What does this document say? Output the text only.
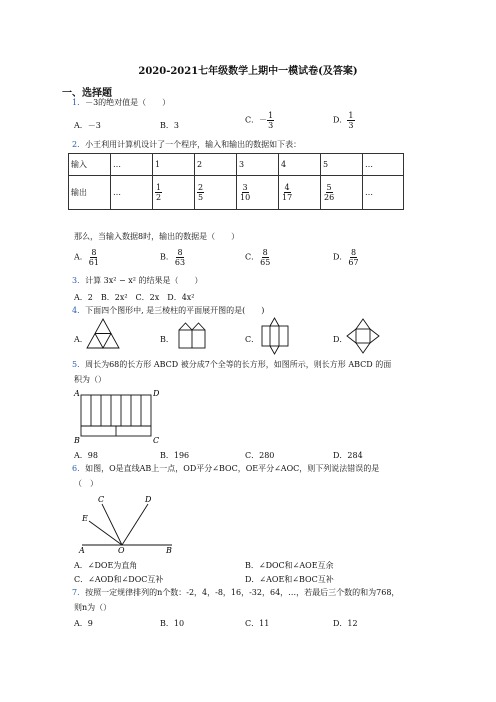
2020-2021七年级数学上期中一模试卷(及答案)
一、选择题
1．－3的绝对值是（　　）
A．－3	B．3
C．－ $\frac{1}{3}$	D． $\frac{1}{3}$
2．小王利用计算机设计了一个程序，输入和输出的数据如下表：
输入	…	1	2	3	4	5	…
输出	…	$\frac{1}{2}$	$\frac{2}{5}$	$\frac{3}{10}$	$\frac{4}{17}$	$\frac{5}{26}$	…
那么，当输入数据8时，输出的数据是（　　）
A． $\frac{8}{61}$	B． $\frac{8}{63}$	C． $\frac{8}{65}$	D． $\frac{8}{67}$
3．计算 3x² − x² 的结果是（　　）
A．2　B．2x²　C．2x　D．4x²
4．下面四个图形中, 是三棱柱的平面展开图的是(　　)
A．	B．	C．	D．
5．周长为68的长方形 ABCD 被分成7个全等的长方形，如图所示，则长方形 ABCD 的面
积为（）
A	D
B	C
A．98	B．196	C．280	D．284
6．如图，O是直线AB上一点，OD平分∠BOC，OE平分∠AOC，则下列说法错误的是
（　）
C	D
E
A	O	B
A．∠DOE为直角	B．∠DOC和∠AOE互余
C．∠AOD和∠DOC互补	D．∠AOE和∠BOC互补
7．按照一定规律排列的n个数：-2，4，-8，16，-32，64，…，若最后三个数的和为768，
则n为（）
A．9	B．10	C．11	D．12
